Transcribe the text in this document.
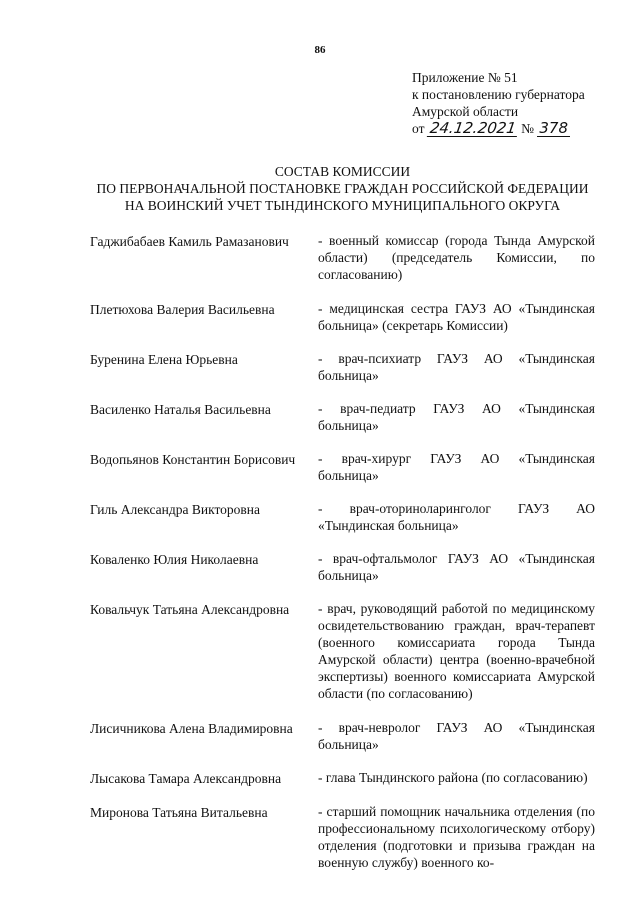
86
Приложение № 51
к постановлению губернатора
Амурской области
от 24.12.2021 № 378
СОСТАВ КОМИССИИ
ПО ПЕРВОНАЧАЛЬНОЙ ПОСТАНОВКЕ ГРАЖДАН РОССИЙСКОЙ ФЕДЕРАЦИИ
НА ВОИНСКИЙ УЧЕТ ТЫНДИНСКОГО МУНИЦИПАЛЬНОГО ОКРУГА
Гаджибабаев Камиль Рамазанович	- военный комиссар (города Тында Амурской области) (председатель Комиссии, по согласованию)
Плетюхова Валерия Васильевна	- медицинская сестра ГАУЗ АО «Тындинская больница» (секретарь Комиссии)
Буренина Елена Юрьевна	- врач-психиатр ГАУЗ АО «Тындинская больница»
Василенко Наталья Васильевна	- врач-педиатр ГАУЗ АО «Тындинская больница»
Водопьянов Константин Борисович	- врач-хирург ГАУЗ АО «Тындинская больница»
Гиль Александра Викторовна	- врач-оториноларинголог ГАУЗ АО «Тындинская больница»
Коваленко Юлия Николаевна	- врач-офтальмолог ГАУЗ АО «Тындинская больница»
Ковальчук Татьяна Александровна	- врач, руководящий работой по медицинскому освидетельствованию граждан, врач-терапевт (военного комиссариата города Тында Амурской области) центра (военно-врачебной экспертизы) военного комиссариата Амурской области (по согласованию)
Лисичникова Алена Владимировна	- врач-невролог ГАУЗ АО «Тындинская больница»
Лысакова Тамара Александровна	- глава Тындинского района (по согласованию)
Миронова Татьяна Витальевна	- старший помощник начальника отделения (по профессиональному психологическому отбору) отделения (подготовки и призыва граждан на военную службу) военного ко-
